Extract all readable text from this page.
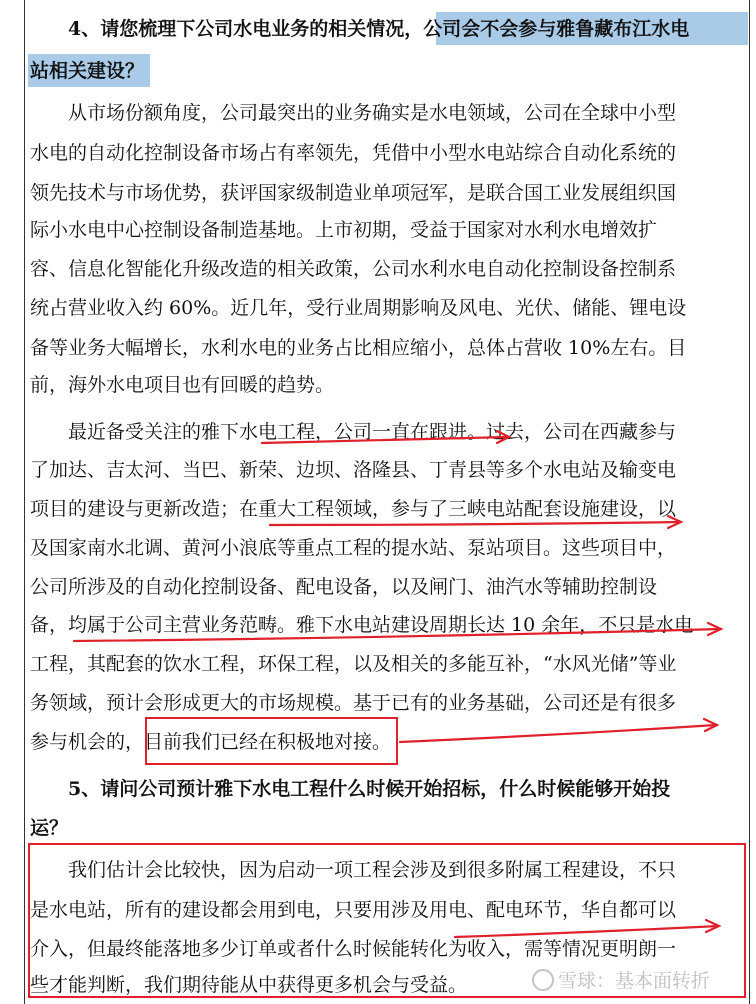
　　4、请您梳理下公司水电业务的相关情况，公司会不会参与雅鲁藏布江水电
站相关建设？
　　从市场份额角度，公司最突出的业务确实是水电领域，公司在全球中小型
水电的自动化控制设备市场占有率领先，凭借中小型水电站综合自动化系统的
领先技术与市场优势，获评国家级制造业单项冠军，是联合国工业发展组织国
际小水电中心控制设备制造基地。上市初期，受益于国家对水利水电增效扩
容、信息化智能化升级改造的相关政策，公司水利水电自动化控制设备控制系
统占营业收入约 60%。近几年，受行业周期影响及风电、光伏、储能、锂电设
备等业务大幅增长，水利水电的业务占比相应缩小，总体占营收 10%左右。目
前，海外水电项目也有回暖的趋势。
　　最近备受关注的雅下水电工程，公司一直在跟进。过去，公司在西藏参与
了加达、吉太河、当巴、新荣、边坝、洛隆县、丁青县等多个水电站及输变电
项目的建设与更新改造；在重大工程领域，参与了三峡电站配套设施建设，以
及国家南水北调、黄河小浪底等重点工程的提水站、泵站项目。这些项目中，
公司所涉及的自动化控制设备、配电设备，以及闸门、油汽水等辅助控制设
备，均属于公司主营业务范畴。雅下水电站建设周期长达 10 余年，不只是水电
工程，其配套的饮水工程，环保工程，以及相关的多能互补，“水风光储”等业
务领域，预计会形成更大的市场规模。基于已有的业务基础，公司还是有很多
参与机会的，目前我们已经在积极地对接。
　　5、请问公司预计雅下水电工程什么时候开始招标，什么时候能够开始投
运？
　　我们估计会比较快，因为启动一项工程会涉及到很多附属工程建设，不只
是水电站，所有的建设都会用到电，只要用涉及用电、配电环节，华自都可以
介入，但最终能落地多少订单或者什么时候能转化为收入，需等情况更明朗一
些才能判断，我们期待能从中获得更多机会与受益。	雪球：基本面转折
